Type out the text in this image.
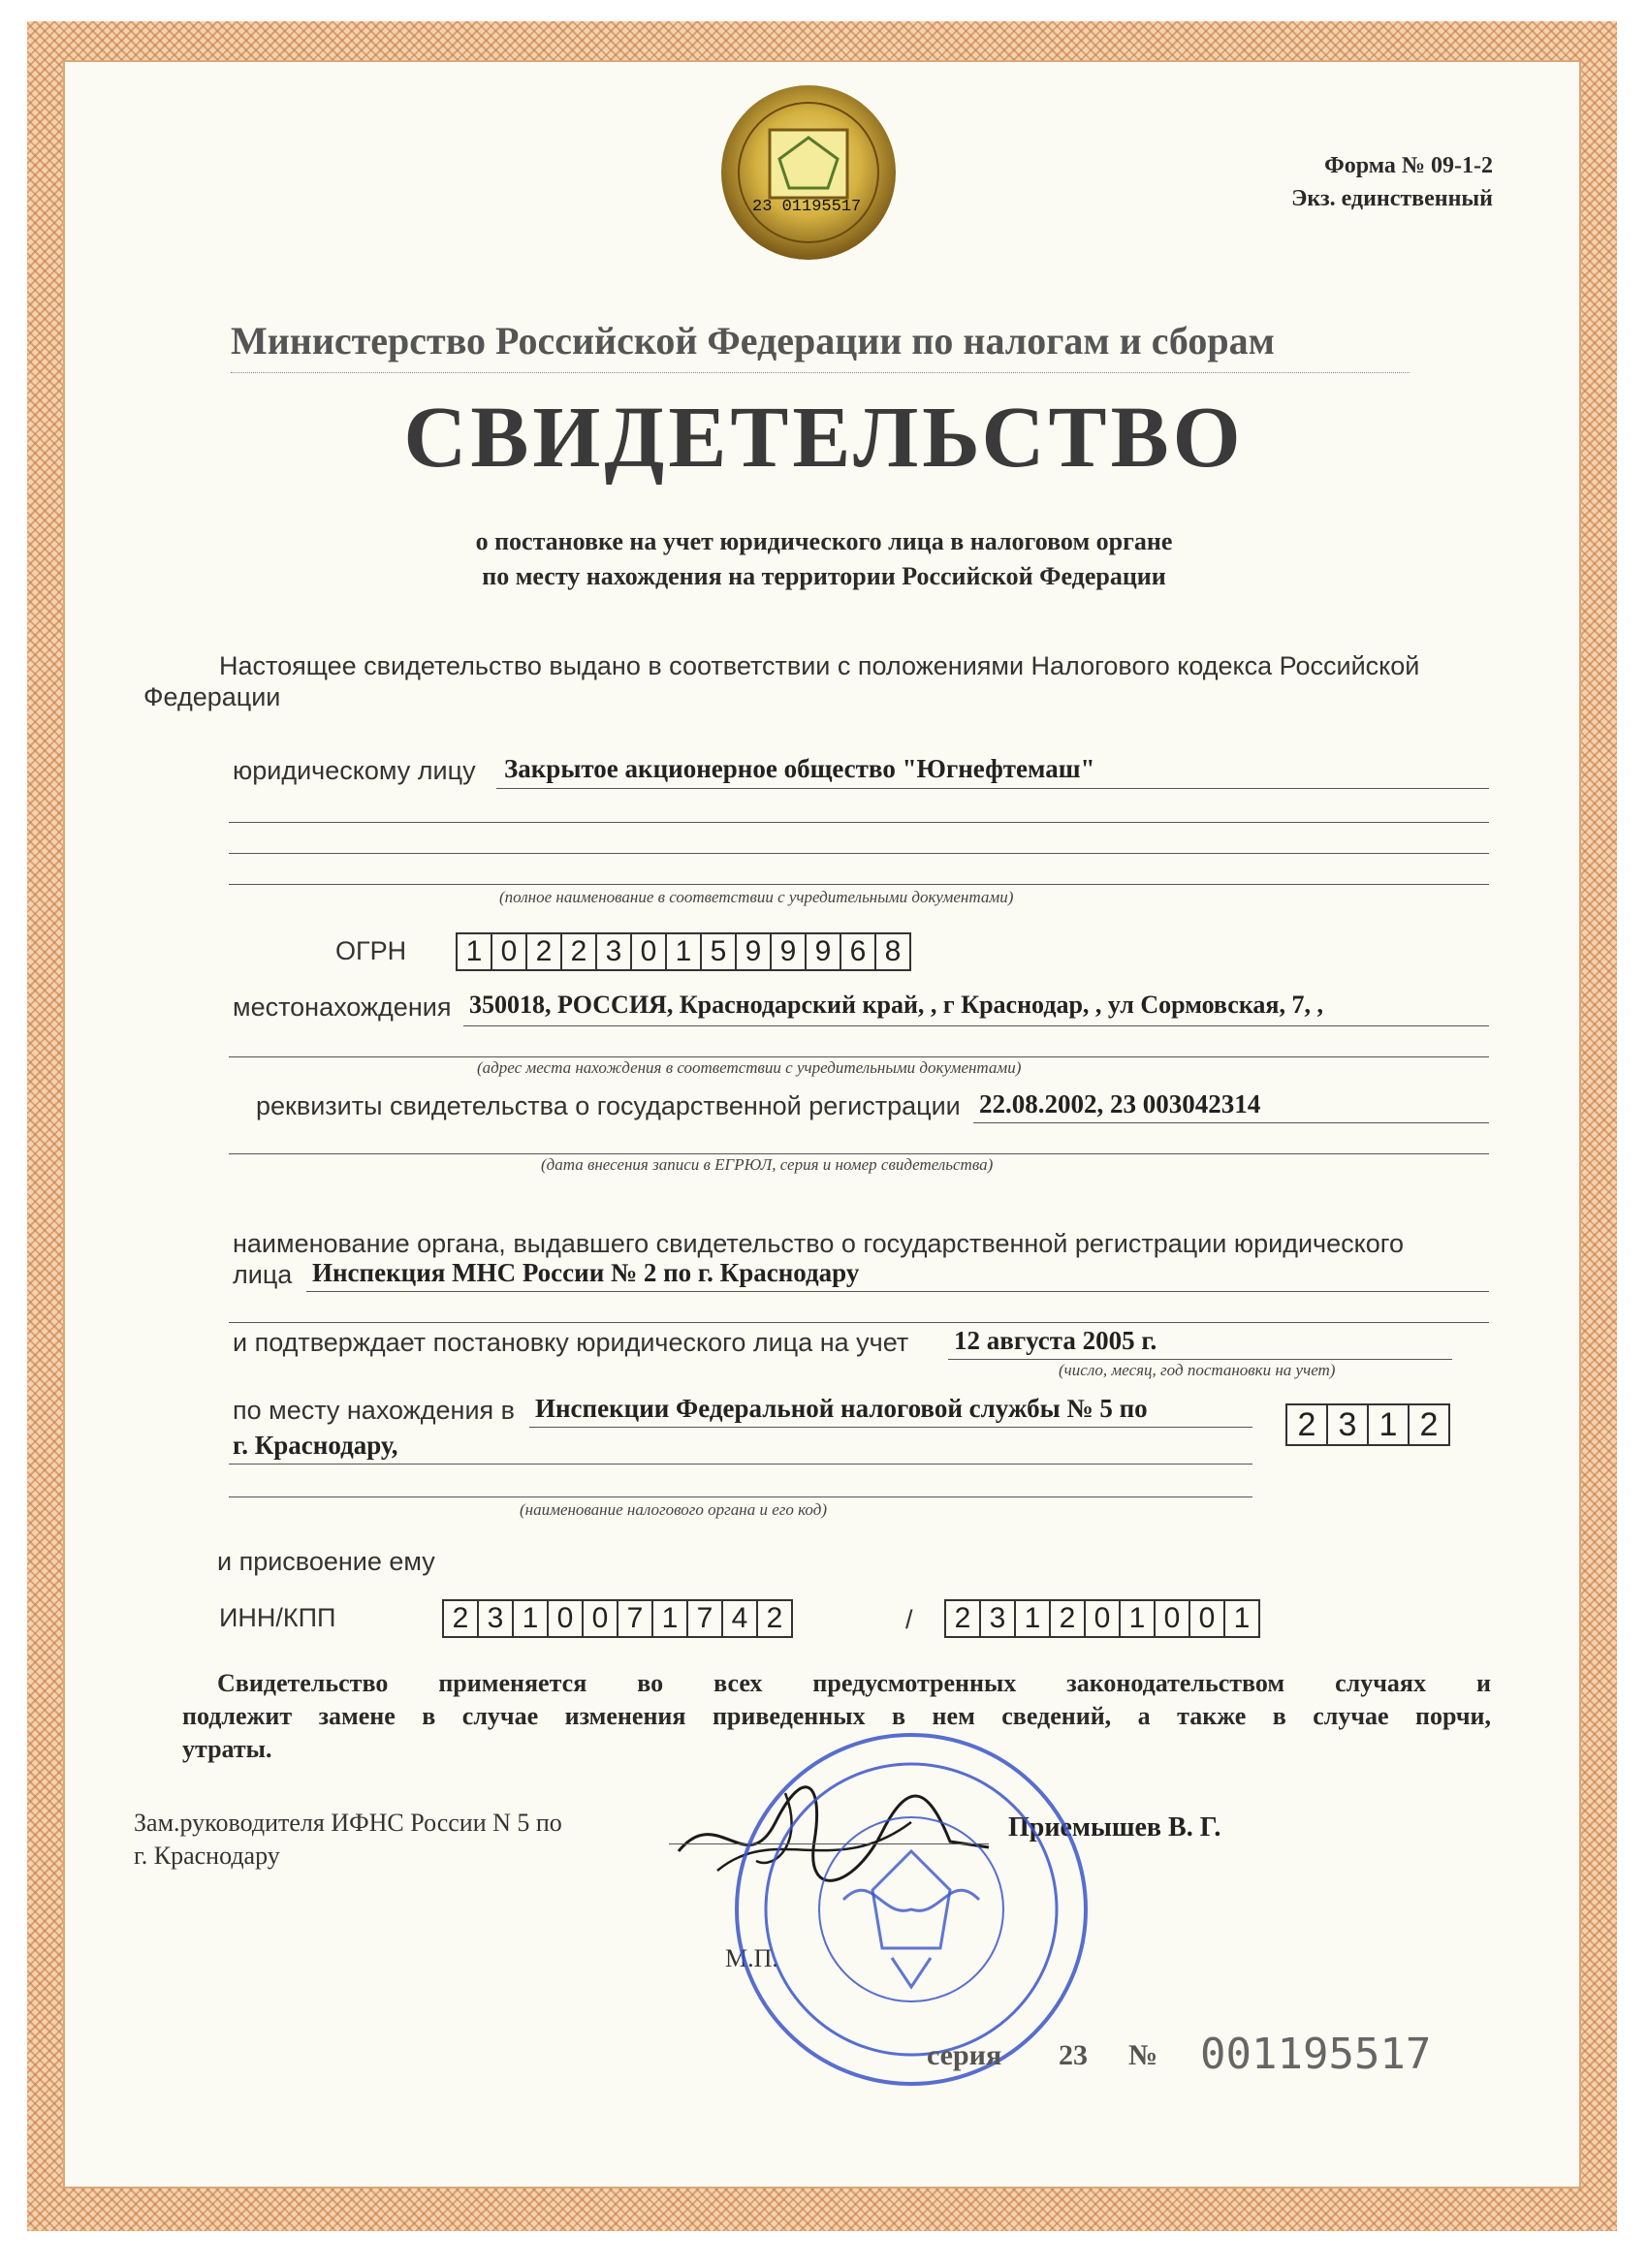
23 01195517
Форма № 09-1-2
Экз. единственный
Министерство Российской Федерации по налогам и сборам
СВИДЕТЕЛЬСТВО
о постановке на учет юридического лица в налоговом органе
по месту нахождения на территории Российской Федерации
Настоящее свидетельство выдано в соответствии с положениями Налогового кодекса Российской
Федерации
юридическому лицу Закрытое акционерное общество "Югнефтемаш"
(полное наименование в соответствии с учредительными документами)
ОГРН 1 0 2 2 3 0 1 5 9 9 9 6 8
местонахождения 350018, РОССИЯ, Краснодарский край, , г Краснодар, , ул Сормовская, 7, ,
(адрес места нахождения в соответствии с учредительными документами)
реквизиты свидетельства о государственной регистрации 22.08.2002, 23 003042314
(дата внесения записи в ЕГРЮЛ, серия и номер свидетельства)
наименование органа, выдавшего свидетельство о государственной регистрации юридического
лица Инспекция МНС России № 2 по г. Краснодару
и подтверждает постановку юридического лица на учет 12 августа 2005 г.
(число, месяц, год постановки на учет)
по месту нахождения в Инспекции Федеральной налоговой службы № 5 по
г. Краснодару,
2 3 1 2
(наименование налогового органа и его код)
и присвоение ему
ИНН/КПП	2 3 1 0 0 7 1 7 4 2	/ 2 3 1 2 0 1 0 0 1
Свидетельство применяется во всех предусмотренных законодательством случаях и
подлежит замене в случае изменения приведенных в нем сведений, а также в случае порчи,
утраты.
Зам.руководителя ИФНС России N 5 по
г. Краснодару
Приемышев В. Г.
М.П.
серия 23 № 001195517
